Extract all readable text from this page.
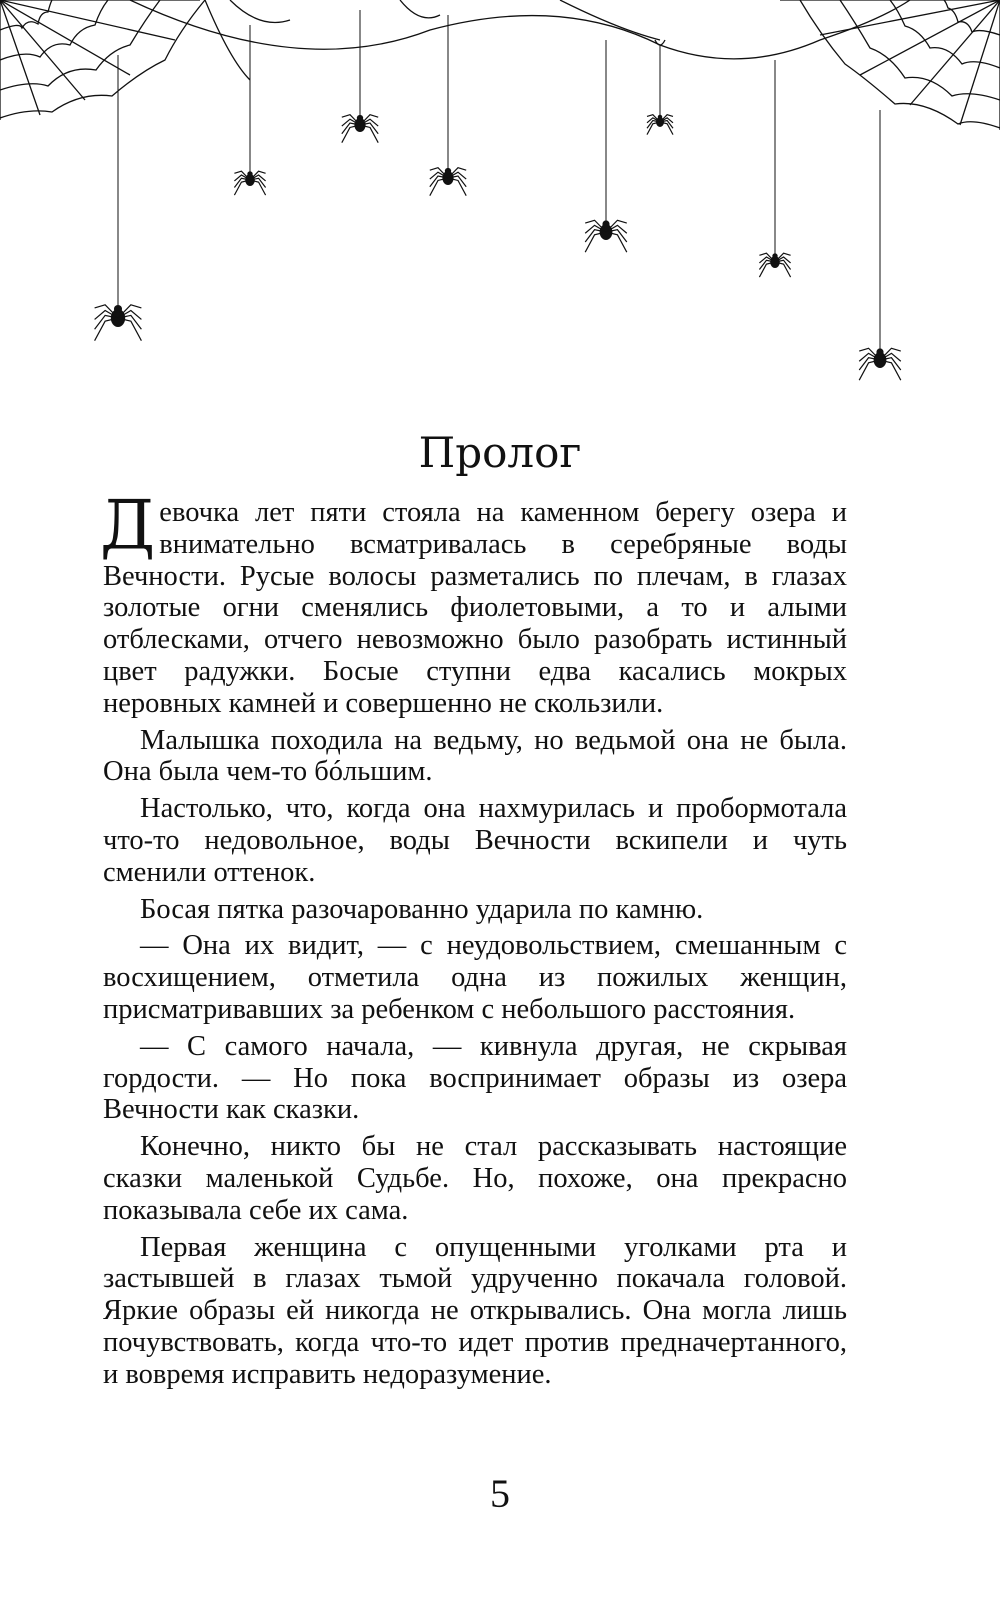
Пролог

Девочка лет пяти стояла на каменном берегу озера и внимательно всматривалась в серебряные воды Вечности. Русые волосы разметались по плечам, в глазах золотые огни сменялись фиолетовыми, а то и алыми отблесками, отчего невозможно было разобрать истинный цвет радужки. Босые ступни едва касались мокрых неровных камней и совершенно не скользили.

Малышка походила на ведьму, но ведьмой она не была. Она была чем-то бóльшим.

Настолько, что, когда она нахмурилась и пробормотала что-то недовольное, воды Вечности вскипели и чуть сменили оттенок.

Босая пятка разочарованно ударила по камню.

— Она их видит, — с неудовольствием, смешанным с восхищением, отметила одна из пожилых женщин, присматривавших за ребенком с небольшого расстояния.

— С самого начала, — кивнула другая, не скрывая гордости. — Но пока воспринимает образы из озера Вечности как сказки.

Конечно, никто бы не стал рассказывать настоящие сказки маленькой Судьбе. Но, похоже, она прекрасно показывала себе их сама.

Первая женщина с опущенными уголками рта и застывшей в глазах тьмой удрученно покачала головой. Яркие образы ей никогда не открывались. Она могла лишь почувствовать, когда что-то идет против предначертанного, и вовремя исправить недоразумение.

5
